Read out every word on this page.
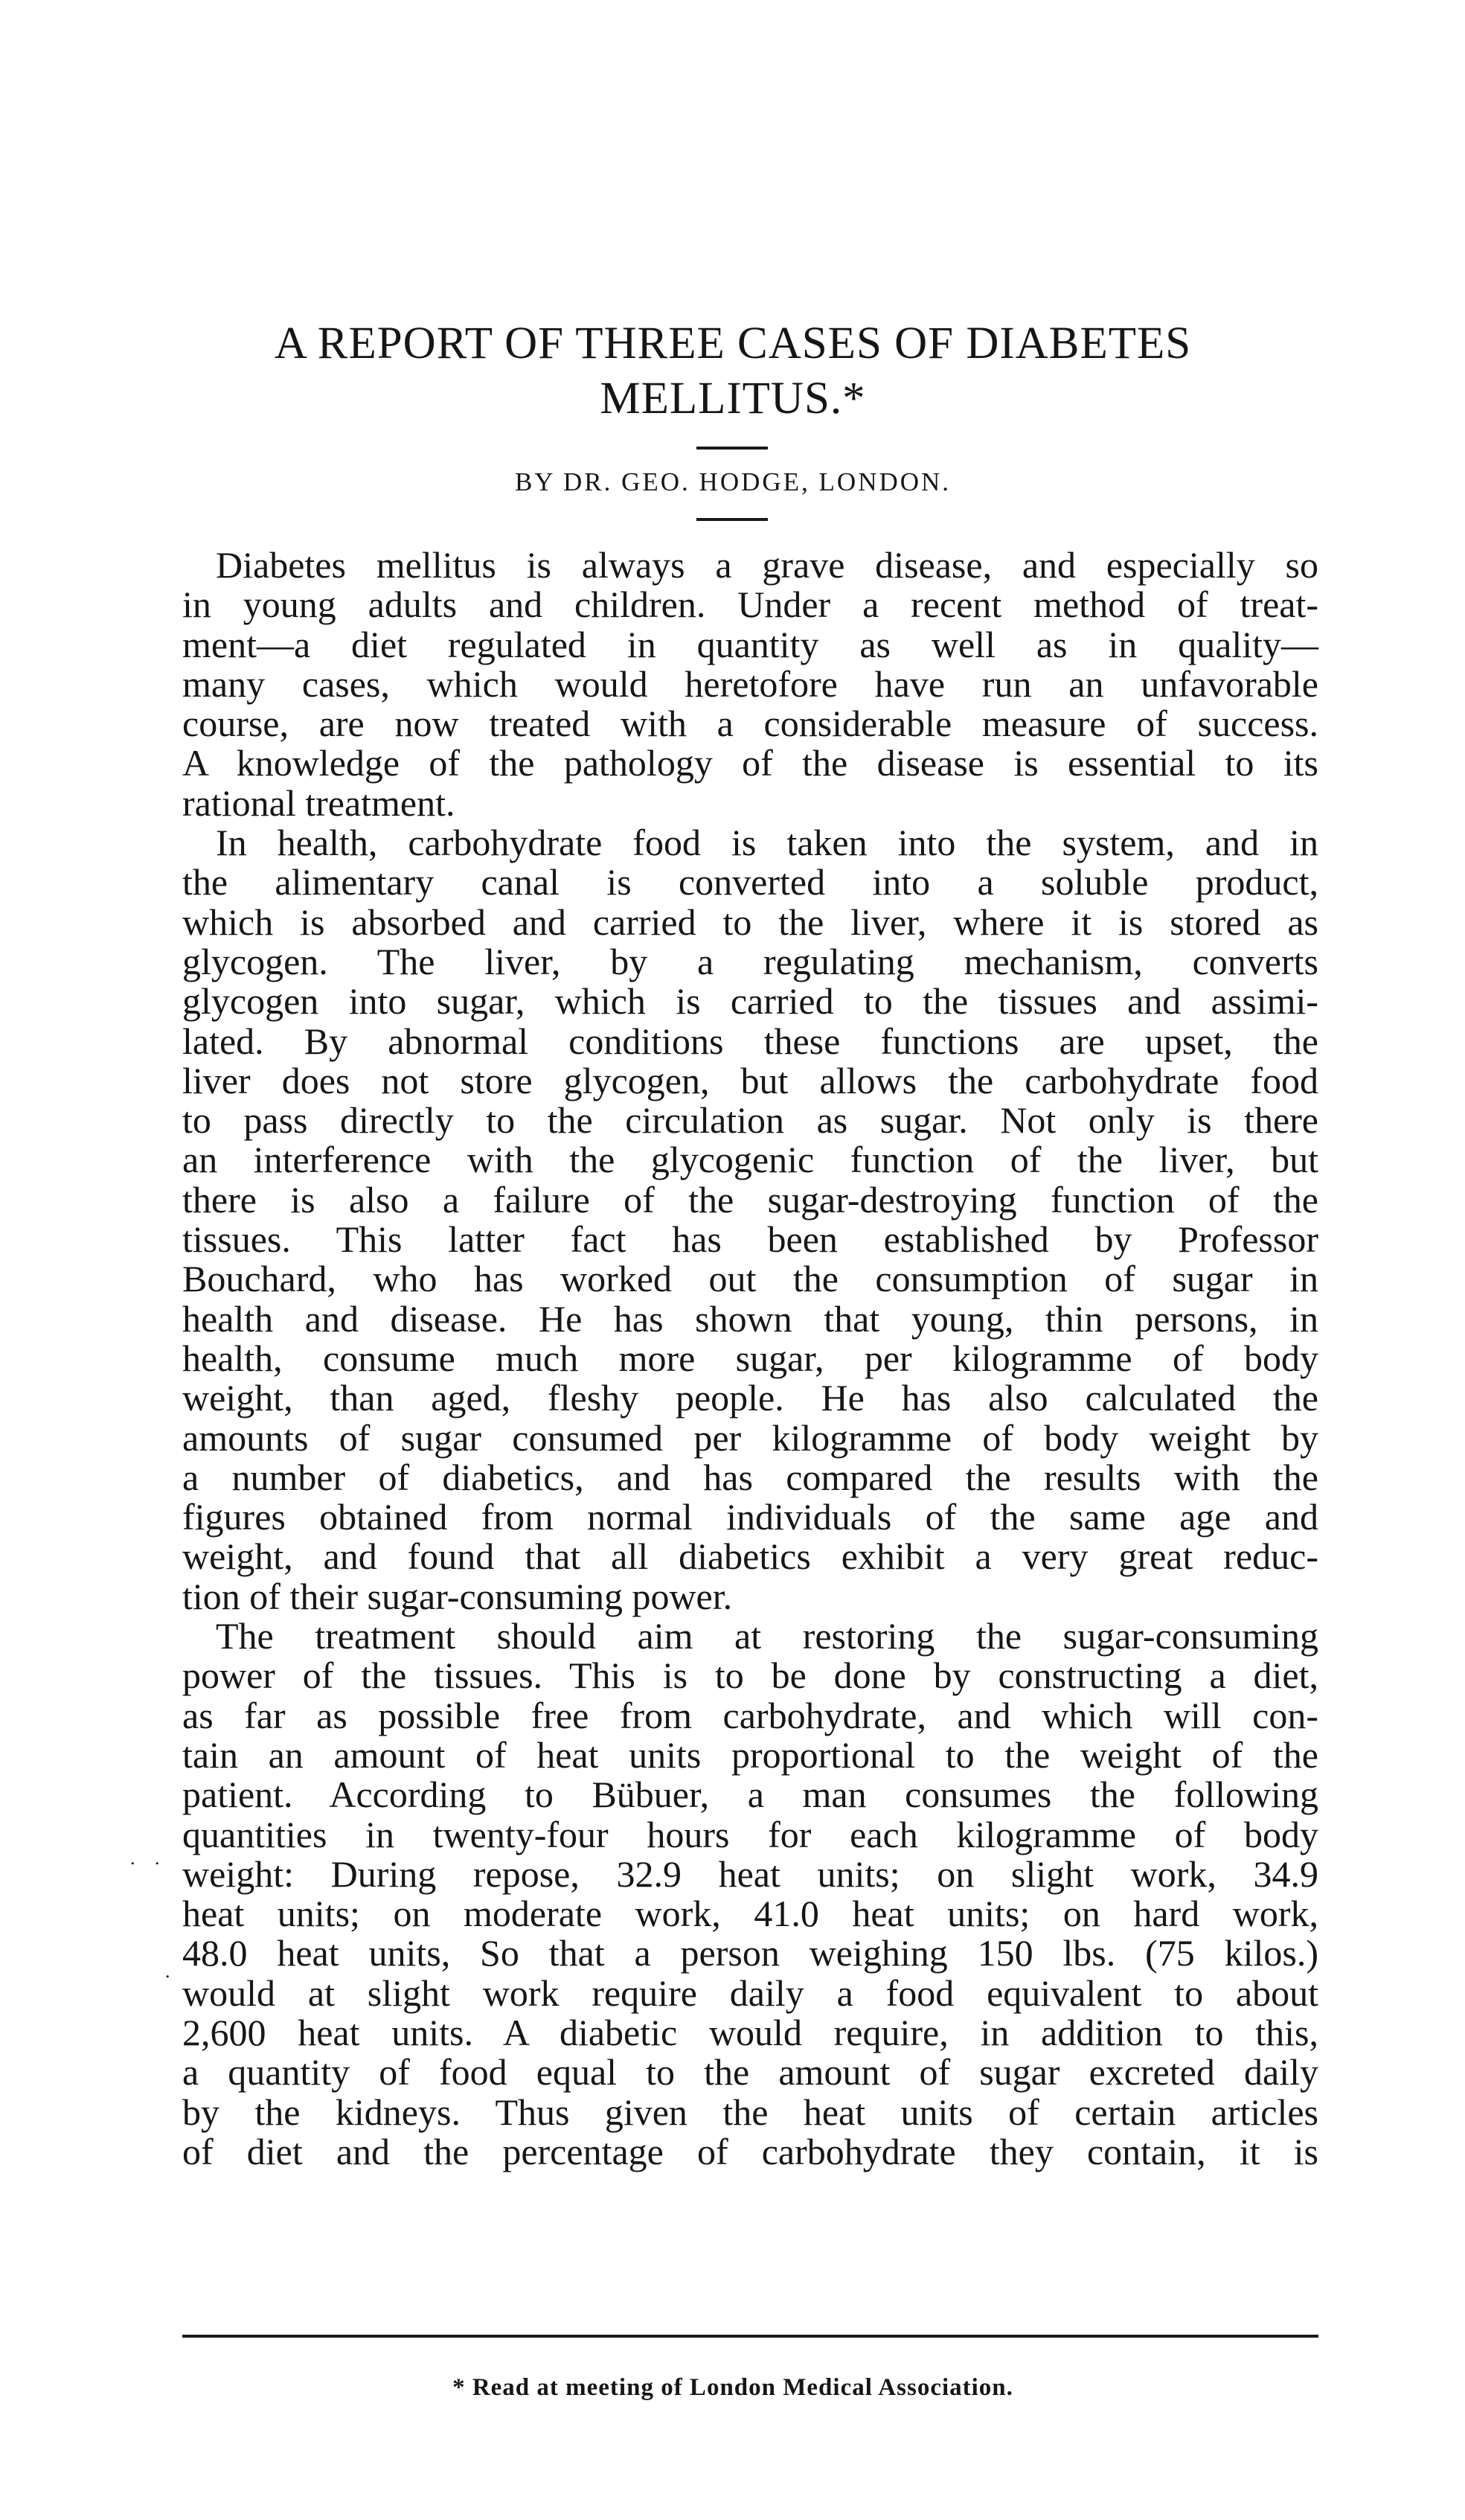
A REPORT OF THREE CASES OF DIABETES
MELLITUS.*
BY DR. GEO. HODGE, LONDON.
Diabetes mellitus is always a grave disease, and especially so
in young adults and children. Under a recent method of treat-
ment—a diet regulated in quantity as well as in quality—
many cases, which would heretofore have run an unfavorable
course, are now treated with a considerable measure of success.
A knowledge of the pathology of the disease is essential to its
rational treatment.
In health, carbohydrate food is taken into the system, and in
the alimentary canal is converted into a soluble product,
which is absorbed and carried to the liver, where it is stored as
glycogen. The liver, by a regulating mechanism, converts
glycogen into sugar, which is carried to the tissues and assimi-
lated. By abnormal conditions these functions are upset, the
liver does not store glycogen, but allows the carbohydrate food
to pass directly to the circulation as sugar. Not only is there
an interference with the glycogenic function of the liver, but
there is also a failure of the sugar-destroying function of the
tissues. This latter fact has been established by Professor
Bouchard, who has worked out the consumption of sugar in
health and disease. He has shown that young, thin persons, in
health, consume much more sugar, per kilogramme of body
weight, than aged, fleshy people. He has also calculated the
amounts of sugar consumed per kilogramme of body weight by
a number of diabetics, and has compared the results with the
figures obtained from normal individuals of the same age and
weight, and found that all diabetics exhibit a very great reduc-
tion of their sugar-consuming power.
The treatment should aim at restoring the sugar-consuming
power of the tissues. This is to be done by constructing a diet,
as far as possible free from carbohydrate, and which will con-
tain an amount of heat units proportional to the weight of the
patient. According to Bübuer, a man consumes the following
quantities in twenty-four hours for each kilogramme of body
weight: During repose, 32.9 heat units; on slight work, 34.9
heat units; on moderate work, 41.0 heat units; on hard work,
48.0 heat units, So that a person weighing 150 lbs. (75 kilos.)
would at slight work require daily a food equivalent to about
2,600 heat units. A diabetic would require, in addition to this,
a quantity of food equal to the amount of sugar excreted daily
by the kidneys. Thus given the heat units of certain articles
of diet and the percentage of carbohydrate they contain, it is
. .
.
* Read at meeting of London Medical Association.
